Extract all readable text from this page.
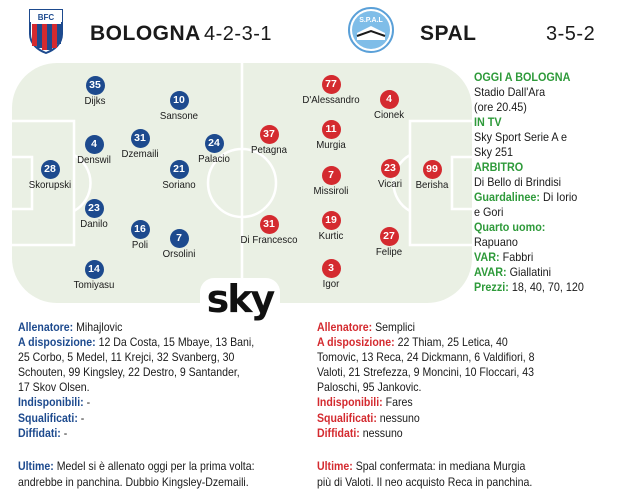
BFC
BOLOGNA 4-2-3-1
S.P.A.L
SPAL	3-5-2
35
Dijks
4
Denswil
28
Skorupski
23
Danilo
14
Tomiyasu
31
Dzemaili
16
Poli
10
Sansone
21
Soriano
7
Orsolini
24
Palacio
77
D'Alessandro
37
Petagna
11
Murgia
7
Missiroli
31
Di Francesco
19
Kurtic
3
Igor
4
Cionek
23
Vicari
27
Felipe
99
Berisha
sky
OGGI A BOLOGNA
Stadio Dall'Ara
(ore 20.45)
IN TV
Sky Sport Serie A e
Sky 251
ARBITRO
Di Bello di Brindisi
Guardalinee: Di Iorio
e Gori
Quarto uomo:
Rapuano
VAR: Fabbri
AVAR: Giallatini
Prezzi: 18, 40, 70, 120
Allenatore: Mihajlovic
A disposizione: 12 Da Costa, 15 Mbaye, 13 Bani,
25 Corbo, 5 Medel, 11 Krejci, 32 Svanberg, 30
Schouten, 99 Kingsley, 22 Destro, 9 Santander,
17 Skov Olsen.
Indisponibili: -
Squalificati: -
Diffidati: -
Allenatore: Semplici
A disposizione: 22 Thiam, 25 Letica, 40
Tomovic, 13 Reca, 24 Dickmann, 6 Valdifiori, 8
Valoti, 21 Strefezza, 9 Moncini, 10 Floccari, 43
Paloschi, 95 Jankovic.
Indisponibili: Fares
Squalificati: nessuno
Diffidati: nessuno
Ultime: Medel si è allenato oggi per la prima volta:
andrebbe in panchina. Dubbio Kingsley-Dzemaili.
Ultime: Spal confermata: in mediana Murgia
più di Valoti. Il neo acquisto Reca in panchina.
